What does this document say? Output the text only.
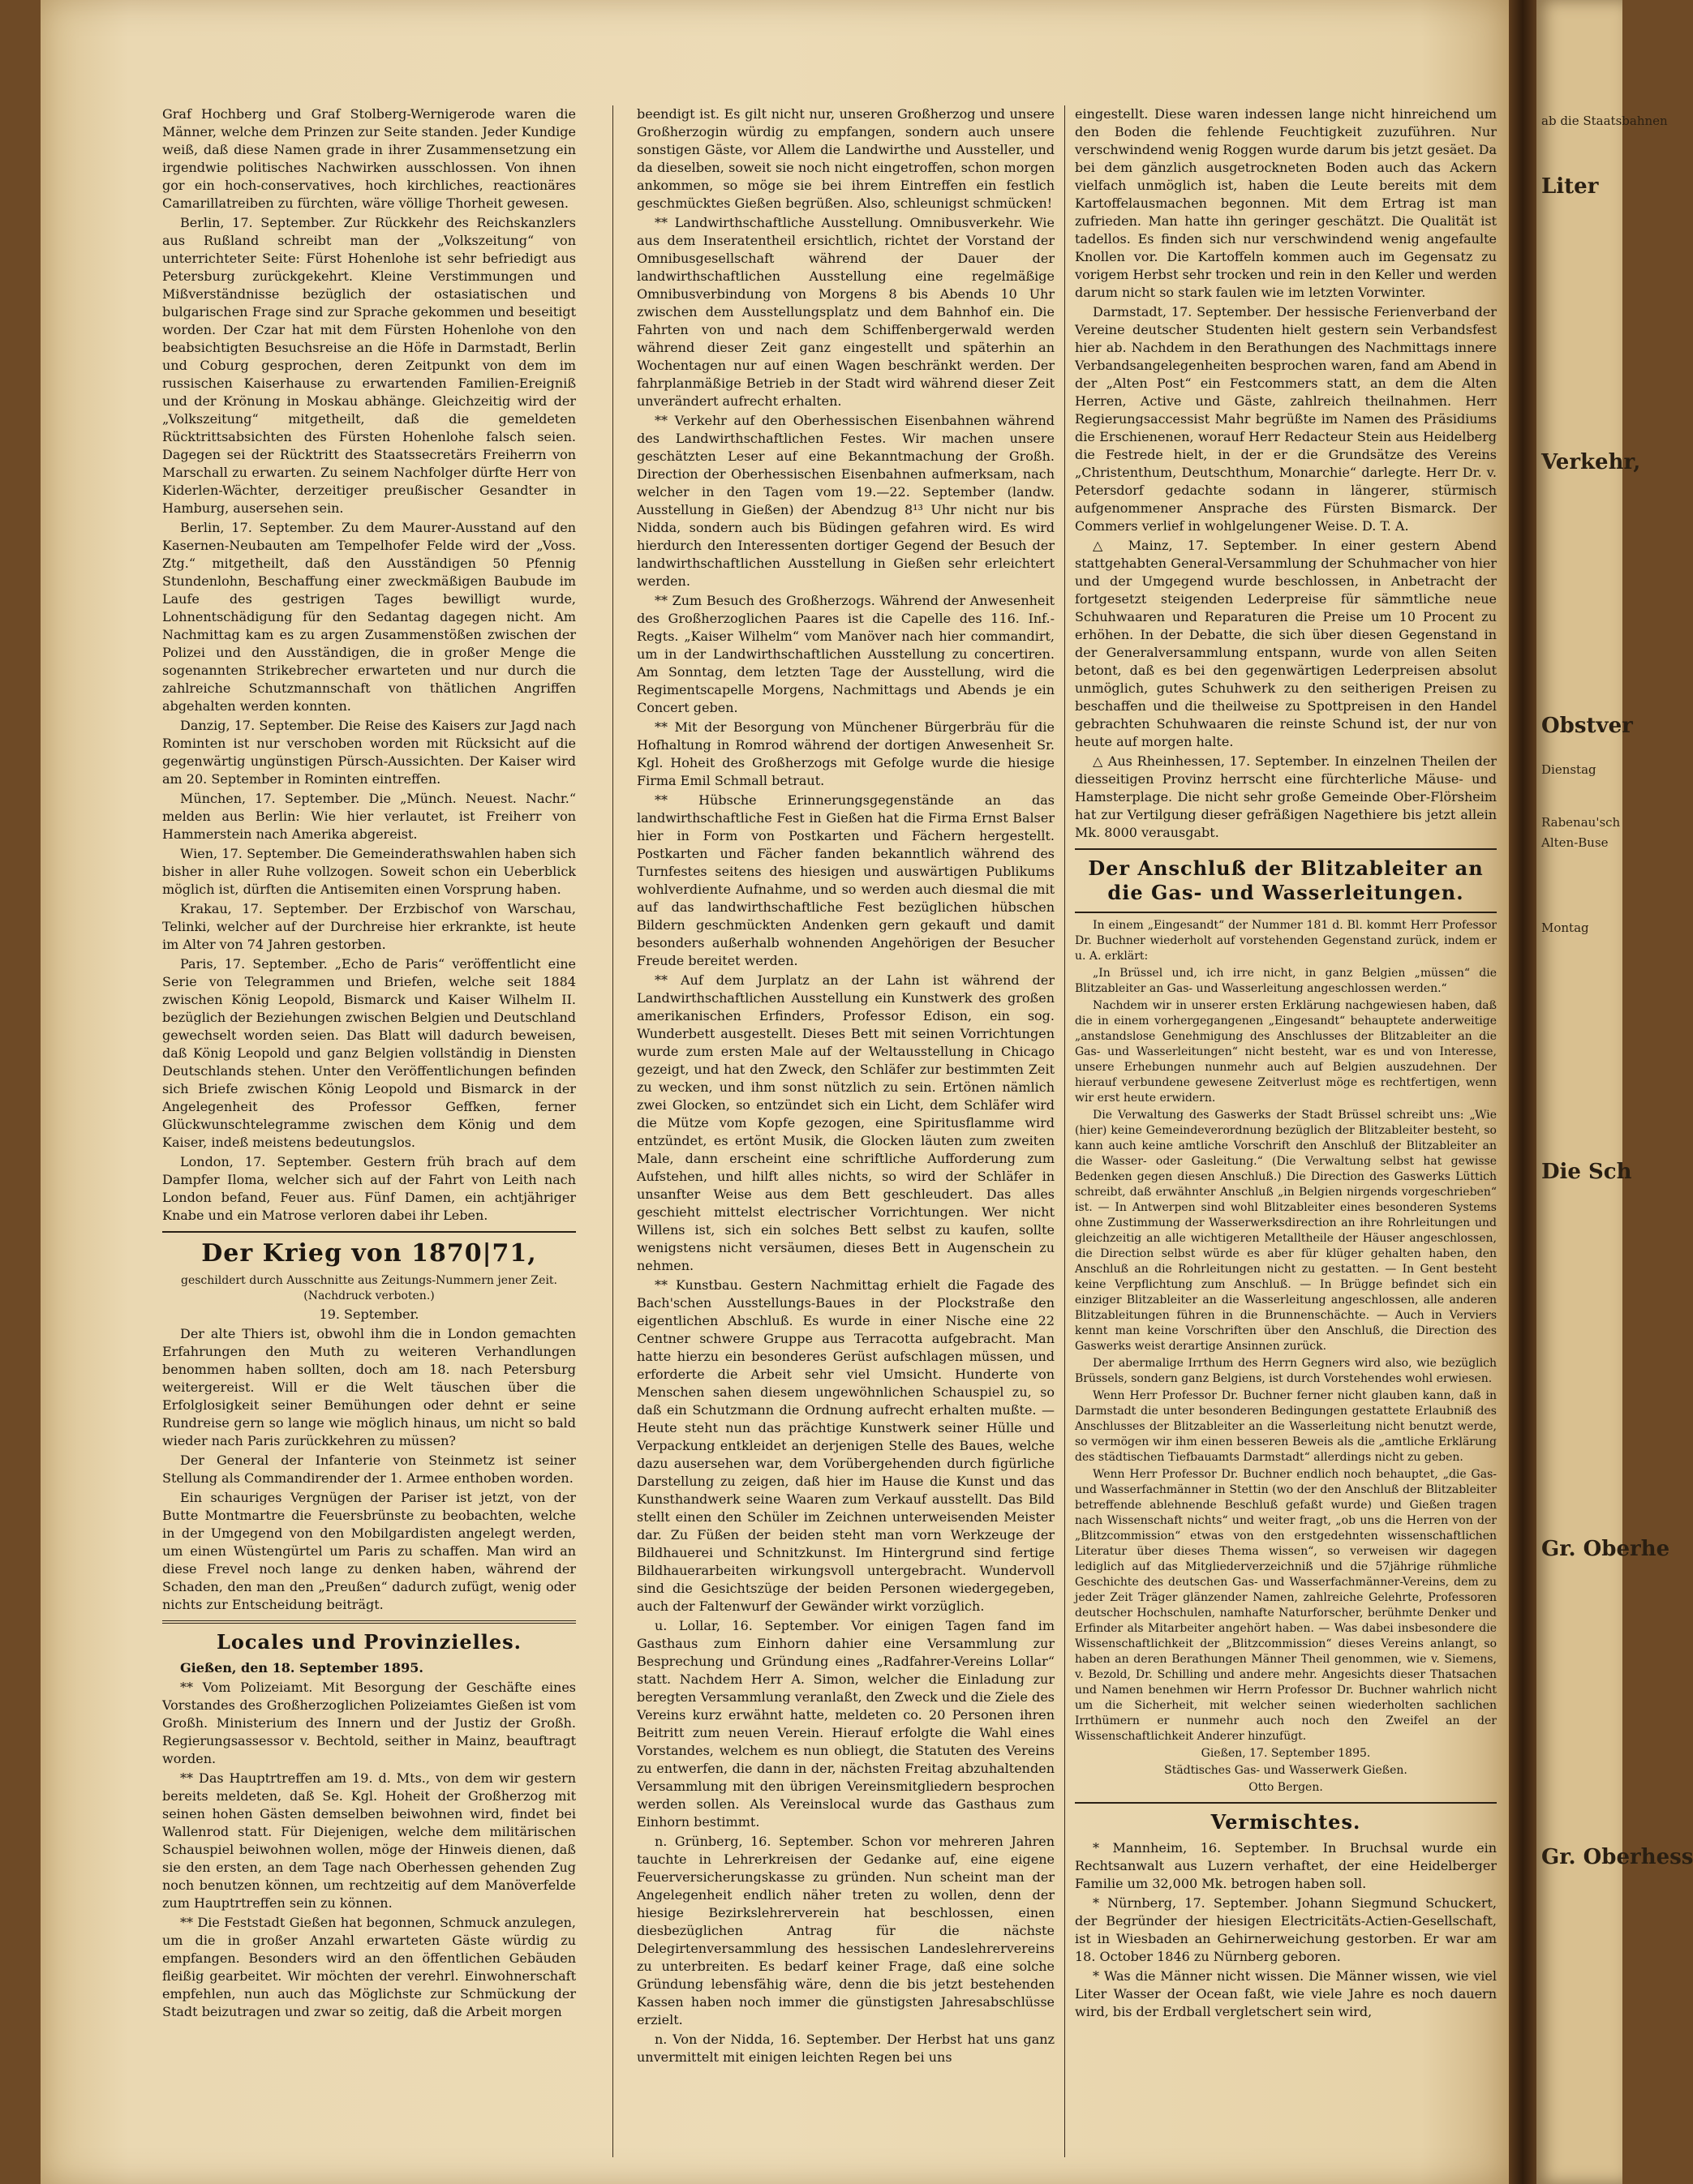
Graf Hochberg und Graf Stolberg-Wernigerode waren die Männer, welche dem Prinzen zur Seite standen. Jeder Kundige weiß, daß diese Namen grade in ihrer Zusammensetzung ein irgendwie politisches Nachwirken ausschlossen. Von ihnen gor ein hoch-conservatives, hoch kirchliches, reactionäres Camarillatreiben zu fürchten, wäre völlige Thorheit gewesen.

Berlin, 17. September. Zur Rückkehr des Reichskanzlers aus Rußland schreibt man der „Volkszeitung“ von unterrichteter Seite: Fürst Hohenlohe ist sehr befriedigt aus Petersburg zurückgekehrt. Kleine Verstimmungen und Mißverständnisse bezüglich der ostasiatischen und bulgarischen Frage sind zur Sprache gekommen und beseitigt worden. Der Czar hat mit dem Fürsten Hohenlohe von den beabsichtigten Besuchsreise an die Höfe in Darmstadt, Berlin und Coburg gesprochen, deren Zeitpunkt von dem im russischen Kaiserhause zu erwartenden Familien-Ereigniß und der Krönung in Moskau abhänge. Gleichzeitig wird der „Volkszeitung“ mitgetheilt, daß die gemeldeten Rücktrittsabsichten des Fürsten Hohenlohe falsch seien. Dagegen sei der Rücktritt des Staatssecretärs Freiherrn von Marschall zu erwarten. Zu seinem Nachfolger dürfte Herr von Kiderlen-Wächter, derzeitiger preußischer Gesandter in Hamburg, ausersehen sein.

Berlin, 17. September. Zu dem Maurer-Ausstand auf den Kasernen-Neubauten am Tempelhofer Felde wird der „Voss. Ztg.“ mitgetheilt, daß den Ausständigen 50 Pfennig Stundenlohn, Beschaffung einer zweckmäßigen Baubude im Laufe des gestrigen Tages bewilligt wurde, Lohnentschädigung für den Sedantag dagegen nicht. Am Nachmittag kam es zu argen Zusammenstößen zwischen der Polizei und den Ausständigen, die in großer Menge die sogenannten Strikebrecher erwarteten und nur durch die zahlreiche Schutzmannschaft von thätlichen Angriffen abgehalten werden konnten.

Danzig, 17. September. Die Reise des Kaisers zur Jagd nach Rominten ist nur verschoben worden mit Rücksicht auf die gegenwärtig ungünstigen Pürsch-Aussichten. Der Kaiser wird am 20. September in Rominten eintreffen.

München, 17. September. Die „Münch. Neuest. Nachr.“ melden aus Berlin: Wie hier verlautet, ist Freiherr von Hammerstein nach Amerika abgereist.

Wien, 17. September. Die Gemeinderathswahlen haben sich bisher in aller Ruhe vollzogen. Soweit schon ein Ueberblick möglich ist, dürften die Antisemiten einen Vorsprung haben.

Krakau, 17. September. Der Erzbischof von Warschau, Telinki, welcher auf der Durchreise hier erkrankte, ist heute im Alter von 74 Jahren gestorben.

Paris, 17. September. „Echo de Paris“ veröffentlicht eine Serie von Telegrammen und Briefen, welche seit 1884 zwischen König Leopold, Bismarck und Kaiser Wilhelm II. bezüglich der Beziehungen zwischen Belgien und Deutschland gewechselt worden seien. Das Blatt will dadurch beweisen, daß König Leopold und ganz Belgien vollständig in Diensten Deutschlands stehen. Unter den Veröffentlichungen befinden sich Briefe zwischen König Leopold und Bismarck in der Angelegenheit des Professor Geffken, ferner Glückwunschtelegramme zwischen dem König und dem Kaiser, indeß meistens bedeutungslos.

London, 17. September. Gestern früh brach auf dem Dampfer Iloma, welcher sich auf der Fahrt von Leith nach London befand, Feuer aus. Fünf Damen, ein achtjähriger Knabe und ein Matrose verloren dabei ihr Leben.

Der Krieg von 1870|71,

geschildert durch Ausschnitte aus Zeitungs-Nummern jener Zeit. (Nachdruck verboten.)

19. September.

Der alte Thiers ist, obwohl ihm die in London gemachten Erfahrungen den Muth zu weiteren Verhandlungen benommen haben sollten, doch am 18. nach Petersburg weitergereist. Will er die Welt täuschen über die Erfolglosigkeit seiner Bemühungen oder dehnt er seine Rundreise gern so lange wie möglich hinaus, um nicht so bald wieder nach Paris zurückkehren zu müssen?

Der General der Infanterie von Steinmetz ist seiner Stellung als Commandirender der 1. Armee enthoben worden.

Ein schauriges Vergnügen der Pariser ist jetzt, von der Butte Montmartre die Feuersbrünste zu beobachten, welche in der Umgegend von den Mobilgardisten angelegt werden, um einen Wüstengürtel um Paris zu schaffen. Man wird an diese Frevel noch lange zu denken haben, während der Schaden, den man den „Preußen“ dadurch zufügt, wenig oder nichts zur Entscheidung beiträgt.

Locales und Provinzielles.

Gießen, den 18. September 1895.

** Vom Polizeiamt. Mit Besorgung der Geschäfte eines Vorstandes des Großherzoglichen Polizeiamtes Gießen ist vom Großh. Ministerium des Innern und der Justiz der Großh. Regierungsassessor v. Bechtold, seither in Mainz, beauftragt worden.

** Das Hauptrtreffen am 19. d. Mts., von dem wir gestern bereits meldeten, daß Se. Kgl. Hoheit der Großherzog mit seinen hohen Gästen demselben beiwohnen wird, findet bei Wallenrod statt. Für Diejenigen, welche dem militärischen Schauspiel beiwohnen wollen, möge der Hinweis dienen, daß sie den ersten, an dem Tage nach Oberhessen gehenden Zug noch benutzen können, um rechtzeitig auf dem Manöverfelde zum Hauptrtreffen sein zu können.

** Die Feststadt Gießen hat begonnen, Schmuck anzulegen, um die in großer Anzahl erwarteten Gäste würdig zu empfangen. Besonders wird an den öffentlichen Gebäuden fleißig gearbeitet. Wir möchten der verehrl. Einwohnerschaft empfehlen, nun auch das Möglichste zur Schmückung der Stadt beizutragen und zwar so zeitig, daß die Arbeit morgen

beendigt ist. Es gilt nicht nur, unseren Großherzog und unsere Großherzogin würdig zu empfangen, sondern auch unsere sonstigen Gäste, vor Allem die Landwirthe und Aussteller, und da dieselben, soweit sie noch nicht eingetroffen, schon morgen ankommen, so möge sie bei ihrem Eintreffen ein festlich geschmücktes Gießen begrüßen. Also, schleunigst schmücken!

** Landwirthschaftliche Ausstellung. Omnibusverkehr. Wie aus dem Inseratentheil ersichtlich, richtet der Vorstand der Omnibusgesellschaft während der Dauer der landwirthschaftlichen Ausstellung eine regelmäßige Omnibusverbindung von Morgens 8 bis Abends 10 Uhr zwischen dem Ausstellungsplatz und dem Bahnhof ein. Die Fahrten von und nach dem Schiffenbergerwald werden während dieser Zeit ganz eingestellt und späterhin an Wochentagen nur auf einen Wagen beschränkt werden. Der fahrplanmäßige Betrieb in der Stadt wird während dieser Zeit unverändert aufrecht erhalten.

** Verkehr auf den Oberhessischen Eisenbahnen während des Landwirthschaftlichen Festes. Wir machen unsere geschätzten Leser auf eine Bekanntmachung der Großh. Direction der Oberhessischen Eisenbahnen aufmerksam, nach welcher in den Tagen vom 19.—22. September (landw. Ausstellung in Gießen) der Abendzug 8¹³ Uhr nicht nur bis Nidda, sondern auch bis Büdingen gefahren wird. Es wird hierdurch den Interessenten dortiger Gegend der Besuch der landwirthschaftlichen Ausstellung in Gießen sehr erleichtert werden.

** Zum Besuch des Großherzogs. Während der Anwesenheit des Großherzoglichen Paares ist die Capelle des 116. Inf.-Regts. „Kaiser Wilhelm“ vom Manöver nach hier commandirt, um in der Landwirthschaftlichen Ausstellung zu concertiren. Am Sonntag, dem letzten Tage der Ausstellung, wird die Regimentscapelle Morgens, Nachmittags und Abends je ein Concert geben.

** Mit der Besorgung von Münchener Bürgerbräu für die Hofhaltung in Romrod während der dortigen Anwesenheit Sr. Kgl. Hoheit des Großherzogs mit Gefolge wurde die hiesige Firma Emil Schmall betraut.

** Hübsche Erinnerungsgegenstände an das landwirthschaftliche Fest in Gießen hat die Firma Ernst Balser hier in Form von Postkarten und Fächern hergestellt. Postkarten und Fächer fanden bekanntlich während des Turnfestes seitens des hiesigen und auswärtigen Publikums wohlverdiente Aufnahme, und so werden auch diesmal die mit auf das landwirthschaftliche Fest bezüglichen hübschen Bildern geschmückten Andenken gern gekauft und damit besonders außerhalb wohnenden Angehörigen der Besucher Freude bereitet werden.

** Auf dem Jurplatz an der Lahn ist während der Landwirthschaftlichen Ausstellung ein Kunstwerk des großen amerikanischen Erfinders, Professor Edison, ein sog. Wunderbett ausgestellt. Dieses Bett mit seinen Vorrichtungen wurde zum ersten Male auf der Weltausstellung in Chicago gezeigt, und hat den Zweck, den Schläfer zur bestimmten Zeit zu wecken, und ihm sonst nützlich zu sein. Ertönen nämlich zwei Glocken, so entzündet sich ein Licht, dem Schläfer wird die Mütze vom Kopfe gezogen, eine Spiritusflamme wird entzündet, es ertönt Musik, die Glocken läuten zum zweiten Male, dann erscheint eine schriftliche Aufforderung zum Aufstehen, und hilft alles nichts, so wird der Schläfer in unsanfter Weise aus dem Bett geschleudert. Das alles geschieht mittelst electrischer Vorrichtungen. Wer nicht Willens ist, sich ein solches Bett selbst zu kaufen, sollte wenigstens nicht versäumen, dieses Bett in Augenschein zu nehmen.

** Kunstbau. Gestern Nachmittag erhielt die Fagade des Bach'schen Ausstellungs-Baues in der Plockstraße den eigentlichen Abschluß. Es wurde in einer Nische eine 22 Centner schwere Gruppe aus Terracotta aufgebracht. Man hatte hierzu ein besonderes Gerüst aufschlagen müssen, und erforderte die Arbeit sehr viel Umsicht. Hunderte von Menschen sahen diesem ungewöhnlichen Schauspiel zu, so daß ein Schutzmann die Ordnung aufrecht erhalten mußte. — Heute steht nun das prächtige Kunstwerk seiner Hülle und Verpackung entkleidet an derjenigen Stelle des Baues, welche dazu ausersehen war, dem Vorübergehenden durch figürliche Darstellung zu zeigen, daß hier im Hause die Kunst und das Kunsthandwerk seine Waaren zum Verkauf ausstellt. Das Bild stellt einen den Schüler im Zeichnen unterweisenden Meister dar. Zu Füßen der beiden steht man vorn Werkzeuge der Bildhauerei und Schnitzkunst. Im Hintergrund sind fertige Bildhauerarbeiten wirkungsvoll untergebracht. Wundervoll sind die Gesichtszüge der beiden Personen wiedergegeben, auch der Faltenwurf der Gewänder wirkt vorzüglich.

u. Lollar, 16. September. Vor einigen Tagen fand im Gasthaus zum Einhorn dahier eine Versammlung zur Besprechung und Gründung eines „Radfahrer-Vereins Lollar“ statt. Nachdem Herr A. Simon, welcher die Einladung zur beregten Versammlung veranlaßt, den Zweck und die Ziele des Vereins kurz erwähnt hatte, meldeten co. 20 Personen ihren Beitritt zum neuen Verein. Hierauf erfolgte die Wahl eines Vorstandes, welchem es nun obliegt, die Statuten des Vereins zu entwerfen, die dann in der, nächsten Freitag abzuhaltenden Versammlung mit den übrigen Vereinsmitgliedern besprochen werden sollen. Als Vereinslocal wurde das Gasthaus zum Einhorn bestimmt.

n. Grünberg, 16. September. Schon vor mehreren Jahren tauchte in Lehrerkreisen der Gedanke auf, eine eigene Feuerversicherungskasse zu gründen. Nun scheint man der Angelegenheit endlich näher treten zu wollen, denn der hiesige Bezirkslehrerverein hat beschlossen, einen diesbezüglichen Antrag für die nächste Delegirtenversammlung des hessischen Landeslehrervereins zu unterbreiten. Es bedarf keiner Frage, daß eine solche Gründung lebensfähig wäre, denn die bis jetzt bestehenden Kassen haben noch immer die günstigsten Jahresabschlüsse erzielt.

n. Von der Nidda, 16. September. Der Herbst hat uns ganz unvermittelt mit einigen leichten Regen bei uns

eingestellt. Diese waren indessen lange nicht hinreichend um den Boden die fehlende Feuchtigkeit zuzuführen. Nur verschwindend wenig Roggen wurde darum bis jetzt gesäet. Da bei dem gänzlich ausgetrockneten Boden auch das Ackern vielfach unmöglich ist, haben die Leute bereits mit dem Kartoffelausmachen begonnen. Mit dem Ertrag ist man zufrieden. Man hatte ihn geringer geschätzt. Die Qualität ist tadellos. Es finden sich nur verschwindend wenig angefaulte Knollen vor. Die Kartoffeln kommen auch im Gegensatz zu vorigem Herbst sehr trocken und rein in den Keller und werden darum nicht so stark faulen wie im letzten Vorwinter.

Darmstadt, 17. September. Der hessische Ferienverband der Vereine deutscher Studenten hielt gestern sein Verbandsfest hier ab. Nachdem in den Berathungen des Nachmittags innere Verbandsangelegenheiten besprochen waren, fand am Abend in der „Alten Post“ ein Festcommers statt, an dem die Alten Herren, Active und Gäste, zahlreich theilnahmen. Herr Regierungsaccessist Mahr begrüßte im Namen des Präsidiums die Erschienenen, worauf Herr Redacteur Stein aus Heidelberg die Festrede hielt, in der er die Grundsätze des Vereins „Christenthum, Deutschthum, Monarchie“ darlegte. Herr Dr. v. Petersdorf gedachte sodann in längerer, stürmisch aufgenommener Ansprache des Fürsten Bismarck. Der Commers verlief in wohlgelungener Weise. D. T. A.

△ Mainz, 17. September. In einer gestern Abend stattgehabten General-Versammlung der Schuhmacher von hier und der Umgegend wurde beschlossen, in Anbetracht der fortgesetzt steigenden Lederpreise für sämmtliche neue Schuhwaaren und Reparaturen die Preise um 10 Procent zu erhöhen. In der Debatte, die sich über diesen Gegenstand in der Generalversammlung entspann, wurde von allen Seiten betont, daß es bei den gegenwärtigen Lederpreisen absolut unmöglich, gutes Schuhwerk zu den seitherigen Preisen zu beschaffen und die theilweise zu Spottpreisen in den Handel gebrachten Schuhwaaren die reinste Schund ist, der nur von heute auf morgen halte.

△ Aus Rheinhessen, 17. September. In einzelnen Theilen der diesseitigen Provinz herrscht eine fürchterliche Mäuse- und Hamsterplage. Die nicht sehr große Gemeinde Ober-Flörsheim hat zur Vertilgung dieser gefräßigen Nagethiere bis jetzt allein Mk. 8000 verausgabt.

Der Anschluß der Blitzableiter an die Gas- und Wasserleitungen.

In einem „Eingesandt“ der Nummer 181 d. Bl. kommt Herr Professor Dr. Buchner wiederholt auf vorstehenden Gegenstand zurück, indem er u. A. erklärt:

„In Brüssel und, ich irre nicht, in ganz Belgien „müssen“ die Blitzableiter an Gas- und Wasserleitung angeschlossen werden.“

Nachdem wir in unserer ersten Erklärung nachgewiesen haben, daß die in einem vorhergegangenen „Eingesandt“ behauptete anderweitige „anstandslose Genehmigung des Anschlusses der Blitzableiter an die Gas- und Wasserleitungen“ nicht besteht, war es und von Interesse, unsere Erhebungen nunmehr auch auf Belgien auszudehnen. Der hierauf verbundene gewesene Zeitverlust möge es rechtfertigen, wenn wir erst heute erwidern.

Die Verwaltung des Gaswerks der Stadt Brüssel schreibt uns: „Wie (hier) keine Gemeindeverordnung bezüglich der Blitzableiter besteht, so kann auch keine amtliche Vorschrift den Anschluß der Blitzableiter an die Wasser- oder Gasleitung.“ (Die Verwaltung selbst hat gewisse Bedenken gegen diesen Anschluß.) Die Direction des Gaswerks Lüttich schreibt, daß erwähnter Anschluß „in Belgien nirgends vorgeschrieben“ ist. — In Antwerpen sind wohl Blitzableiter eines besonderen Systems ohne Zustimmung der Wasserwerksdirection an ihre Rohrleitungen und gleichzeitig an alle wichtigeren Metalltheile der Häuser angeschlossen, die Direction selbst würde es aber für klüger gehalten haben, den Anschluß an die Rohrleitungen nicht zu gestatten. — In Gent besteht keine Verpflichtung zum Anschluß. — In Brügge befindet sich ein einziger Blitzableiter an die Wasserleitung angeschlossen, alle anderen Blitzableitungen führen in die Brunnenschächte. — Auch in Verviers kennt man keine Vorschriften über den Anschluß, die Direction des Gaswerks weist derartige Ansinnen zurück.

Der abermalige Irrthum des Herrn Gegners wird also, wie bezüglich Brüssels, sondern ganz Belgiens, ist durch Vorstehendes wohl erwiesen.

Wenn Herr Professor Dr. Buchner ferner nicht glauben kann, daß in Darmstadt die unter besonderen Bedingungen gestattete Erlaubniß des Anschlusses der Blitzableiter an die Wasserleitung nicht benutzt werde, so vermögen wir ihm einen besseren Beweis als die „amtliche Erklärung des städtischen Tiefbauamts Darmstadt“ allerdings nicht zu geben.

Wenn Herr Professor Dr. Buchner endlich noch behauptet, „die Gas- und Wasserfachmänner in Stettin (wo der den Anschluß der Blitzableiter betreffende ablehnende Beschluß gefaßt wurde) und Gießen tragen nach Wissenschaft nichts“ und weiter fragt, „ob uns die Herren von der „Blitzcommission“ etwas von den erstgedehnten wissenschaftlichen Literatur über dieses Thema wissen“, so verweisen wir dagegen lediglich auf das Mitgliederverzeichniß und die 57jährige rühmliche Geschichte des deutschen Gas- und Wasserfachmänner-Vereins, dem zu jeder Zeit Träger glänzender Namen, zahlreiche Gelehrte, Professoren deutscher Hochschulen, namhafte Naturforscher, berühmte Denker und Erfinder als Mitarbeiter angehört haben. — Was dabei insbesondere die Wissenschaftlichkeit der „Blitzcommission“ dieses Vereins anlangt, so haben an deren Berathungen Männer Theil genommen, wie v. Siemens, v. Bezold, Dr. Schilling und andere mehr. Angesichts dieser Thatsachen und Namen benehmen wir Herrn Professor Dr. Buchner wahrlich nicht um die Sicherheit, mit welcher seinen wiederholten sachlichen Irrthümern er nunmehr auch noch den Zweifel an der Wissenschaftlichkeit Anderer hinzufügt.

Gießen, 17. September 1895.

Städtisches Gas- und Wasserwerk Gießen.

Otto Bergen.

Vermischtes.

* Mannheim, 16. September. In Bruchsal wurde ein Rechtsanwalt aus Luzern verhaftet, der eine Heidelberger Familie um 32,000 Mk. betrogen haben soll.

* Nürnberg, 17. September. Johann Siegmund Schuckert, der Begründer der hiesigen Electricitäts-Actien-Gesellschaft, ist in Wiesbaden an Gehirnerweichung gestorben. Er war am 18. October 1846 zu Nürnberg geboren.

* Was die Männer nicht wissen. Die Männer wissen, wie viel Liter Wasser der Ocean faßt, wie viele Jahre es noch dauern wird, bis der Erdball vergletschert sein wird,

ab die Staatsbahnen
Liter
Verkehr,
Obstver
Dienstag
Rabenau'sch
Alten-Buse
Montag
Die Sch
Gr. Oberhe
Gr. Oberhess
